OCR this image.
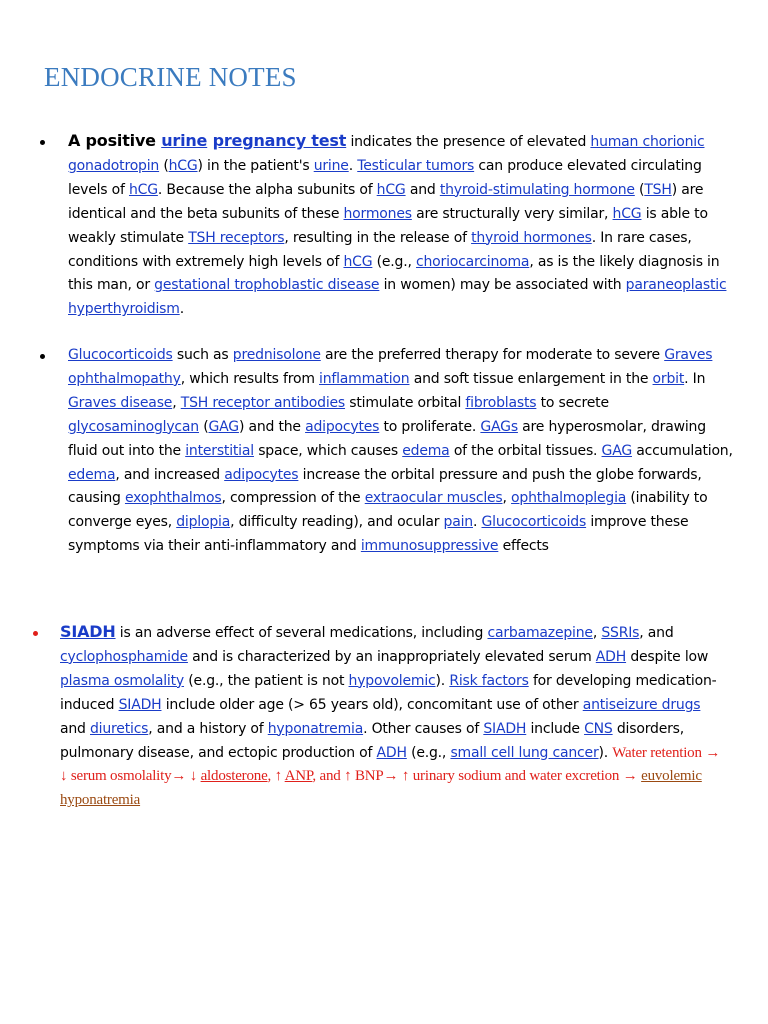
ENDOCRINE NOTES

A positive urine pregnancy test indicates the presence of elevated human chorionic gonadotropin (hCG) in the patient's urine. Testicular tumors can produce elevated circulating levels of hCG. Because the alpha subunits of hCG and thyroid-stimulating hormone (TSH) are identical and the beta subunits of these hormones are structurally very similar, hCG is able to weakly stimulate TSH receptors, resulting in the release of thyroid hormones. In rare cases, conditions with extremely high levels of hCG (e.g., choriocarcinoma, as is the likely diagnosis in this man, or gestational trophoblastic disease in women) may be associated with paraneoplastic hyperthyroidism.

Glucocorticoids such as prednisolone are the preferred therapy for moderate to severe Graves ophthalmopathy, which results from inflammation and soft tissue enlargement in the orbit. In Graves disease, TSH receptor antibodies stimulate orbital fibroblasts to secrete glycosaminoglycan (GAG) and the adipocytes to proliferate. GAGs are hyperosmolar, drawing fluid out into the interstitial space, which causes edema of the orbital tissues. GAG accumulation, edema, and increased adipocytes increase the orbital pressure and push the globe forwards, causing exophthalmos, compression of the extraocular muscles, ophthalmoplegia (inability to converge eyes, diplopia, difficulty reading), and ocular pain. Glucocorticoids improve these symptoms via their anti-inflammatory and immunosuppressive effects

SIADH is an adverse effect of several medications, including carbamazepine, SSRIs, and cyclophosphamide and is characterized by an inappropriately elevated serum ADH despite low plasma osmolality (e.g., the patient is not hypovolemic). Risk factors for developing medication-induced SIADH include older age (> 65 years old), concomitant use of other antiseizure drugs and diuretics, and a history of hyponatremia. Other causes of SIADH include CNS disorders, pulmonary disease, and ectopic production of ADH (e.g., small cell lung cancer). Water retention → ↓ serum osmolality→ ↓ aldosterone, ↑ ANP, and ↑ BNP→ ↑ urinary sodium and water excretion → euvolemic hyponatremia
